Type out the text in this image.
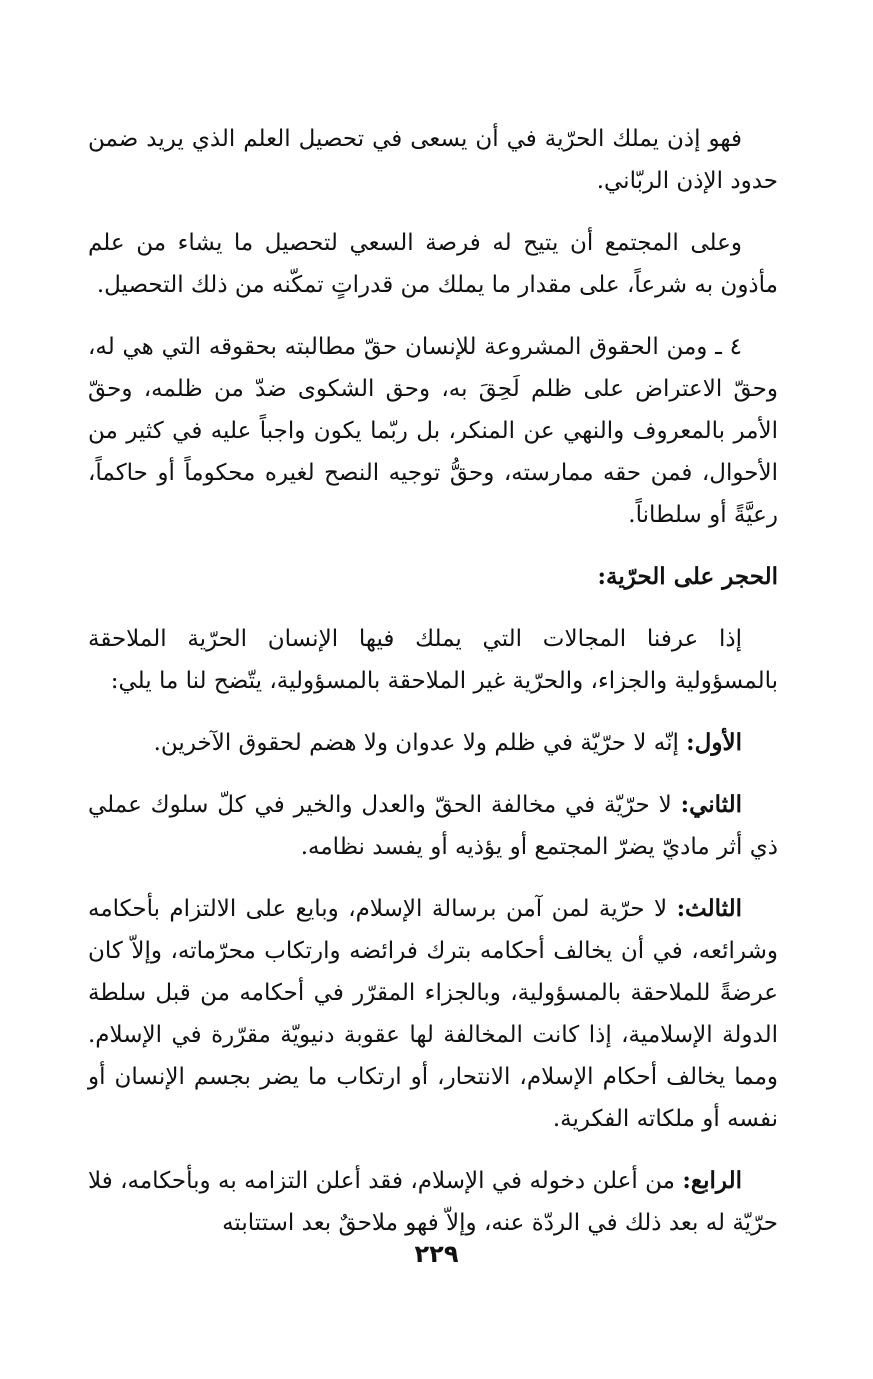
فهو إذن يملك الحرّية في أن يسعى في تحصيل العلم الذي يريد ضمن حدود الإذن الربّاني.

وعلى المجتمع أن يتيح له فرصة السعي لتحصيل ما يشاء من علم مأذون به شرعاً، على مقدار ما يملك من قدراتٍ تمكّنه من ذلك التحصيل.

٤ ـ ومن الحقوق المشروعة للإنسان حقّ مطالبته بحقوقه التي هي له، وحقّ الاعتراض على ظلم لَحِقَ به، وحق الشكوى ضدّ من ظلمه، وحقّ الأمر بالمعروف والنهي عن المنكر، بل ربّما يكون واجباً عليه في كثير من الأحوال، فمن حقه ممارسته، وحقُّ توجيه النصح لغيره محكوماً أو حاكماً، رعيَّةً أو سلطاناً.

الحجر على الحرّية:

إذا عرفنا المجالات التي يملك فيها الإنسان الحرّية الملاحقة بالمسؤولية والجزاء، والحرّية غير الملاحقة بالمسؤولية، يتّضح لنا ما يلي:

الأول: إنّه لا حرّيّة في ظلم ولا عدوان ولا هضم لحقوق الآخرين.

الثاني: لا حرّيّة في مخالفة الحقّ والعدل والخير في كلّ سلوك عملي ذي أثر ماديّ يضرّ المجتمع أو يؤذيه أو يفسد نظامه.

الثالث: لا حرّية لمن آمن برسالة الإسلام، وبايع على الالتزام بأحكامه وشرائعه، في أن يخالف أحكامه بترك فرائضه وارتكاب محرّماته، وإلاّ كان عرضةً للملاحقة بالمسؤولية، وبالجزاء المقرّر في أحكامه من قبل سلطة الدولة الإسلامية، إذا كانت المخالفة لها عقوبة دنيويّة مقرّرة في الإسلام. ومما يخالف أحكام الإسلام، الانتحار، أو ارتكاب ما يضر بجسم الإنسان أو نفسه أو ملكاته الفكرية.

الرابع: من أعلن دخوله في الإسلام، فقد أعلن التزامه به وبأحكامه، فلا حرّيّة له بعد ذلك في الردّة عنه، وإلاّ فهو ملاحقٌ بعد استتابته

٢٢٩
